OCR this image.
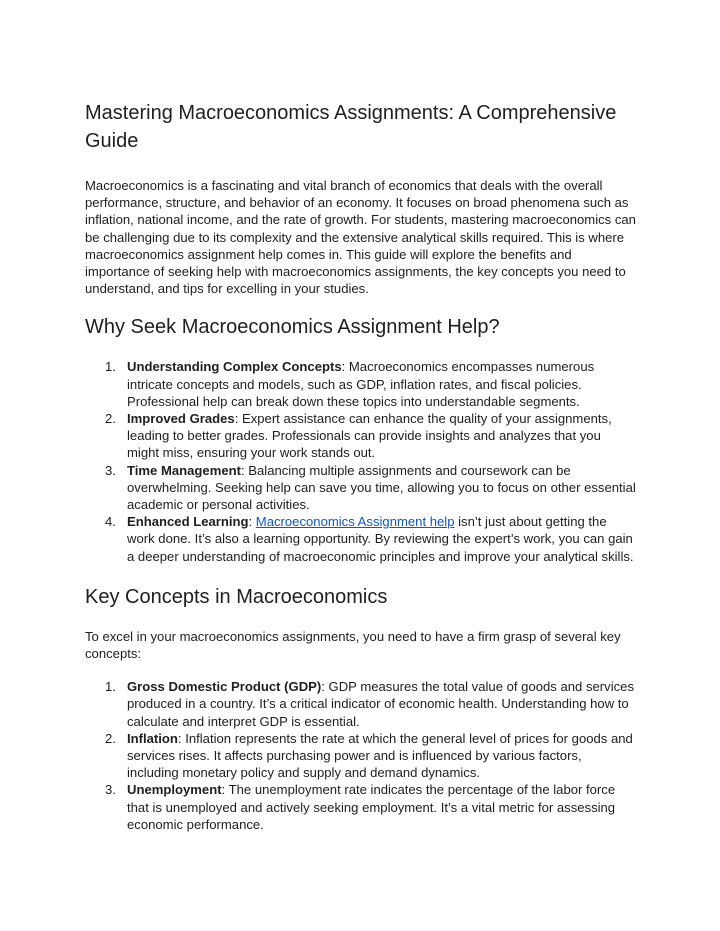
Mastering Macroeconomics Assignments: A Comprehensive Guide

Macroeconomics is a fascinating and vital branch of economics that deals with the overall performance, structure, and behavior of an economy. It focuses on broad phenomena such as inflation, national income, and the rate of growth. For students, mastering macroeconomics can be challenging due to its complexity and the extensive analytical skills required. This is where macroeconomics assignment help comes in. This guide will explore the benefits and importance of seeking help with macroeconomics assignments, the key concepts you need to understand, and tips for excelling in your studies.

Why Seek Macroeconomics Assignment Help?
1. Understanding Complex Concepts: Macroeconomics encompasses numerous intricate concepts and models, such as GDP, inflation rates, and fiscal policies. Professional help can break down these topics into understandable segments.
2. Improved Grades: Expert assistance can enhance the quality of your assignments, leading to better grades. Professionals can provide insights and analyzes that you might miss, ensuring your work stands out.
3. Time Management: Balancing multiple assignments and coursework can be overwhelming. Seeking help can save you time, allowing you to focus on other essential academic or personal activities.
4. Enhanced Learning: Macroeconomics Assignment help isn’t just about getting the work done. It’s also a learning opportunity. By reviewing the expert’s work, you can gain a deeper understanding of macroeconomic principles and improve your analytical skills.
Key Concepts in Macroeconomics

To excel in your macroeconomics assignments, you need to have a firm grasp of several key concepts:

1. Gross Domestic Product (GDP): GDP measures the total value of goods and services produced in a country. It’s a critical indicator of economic health. Understanding how to calculate and interpret GDP is essential.
2. Inflation: Inflation represents the rate at which the general level of prices for goods and services rises. It affects purchasing power and is influenced by various factors, including monetary policy and supply and demand dynamics.
3. Unemployment: The unemployment rate indicates the percentage of the labor force that is unemployed and actively seeking employment. It’s a vital metric for assessing economic performance.
